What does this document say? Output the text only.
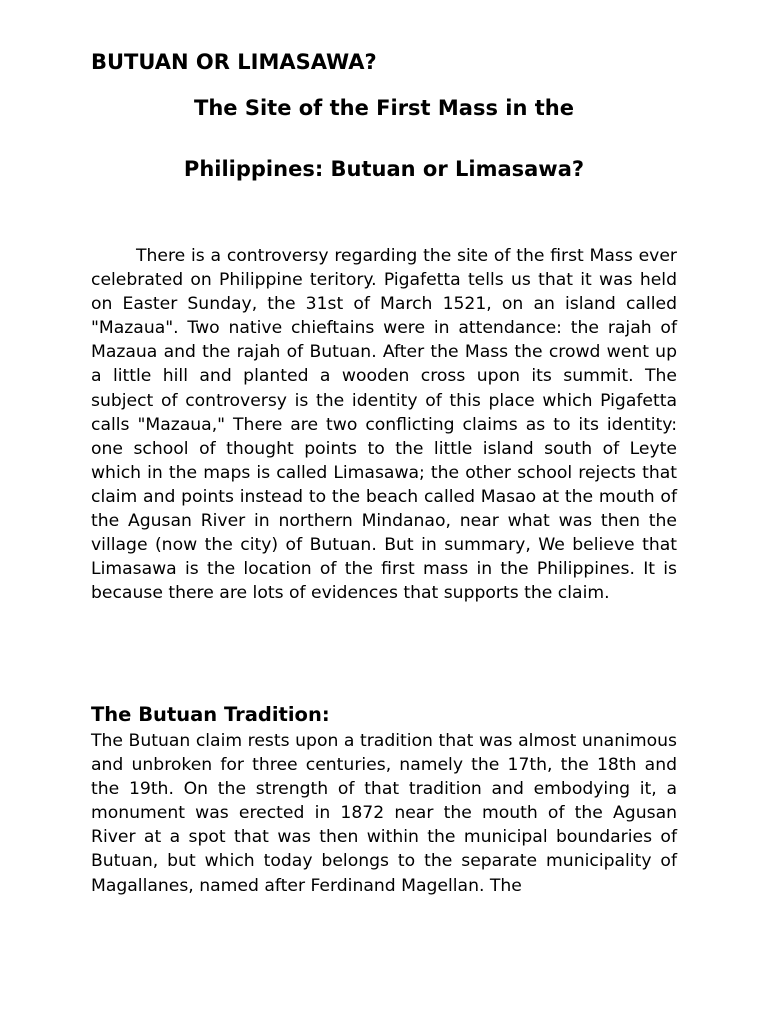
BUTUAN OR LIMASAWA?
The Site of the First Mass in the
Philippines: Butuan or Limasawa?

There is a controversy regarding the site of the first Mass ever celebrated on Philippine teritory. Pigafetta tells us that it was held on Easter Sunday, the 31st of March 1521, on an island called "Mazaua". Two native chieftains were in attendance: the rajah of Mazaua and the rajah of Butuan. After the Mass the crowd went up a little hill and planted a wooden cross upon its summit. The subject of controversy is the identity of this place which Pigafetta calls "Mazaua," There are two conflicting claims as to its identity: one school of thought points to the little island south of Leyte which in the maps is called Limasawa; the other school rejects that claim and points instead to the beach called Masao at the mouth of the Agusan River in northern Mindanao, near what was then the village (now the city) of Butuan. But in summary, We believe that Limasawa is the location of the first mass in the Philippines. It is because there are lots of evidences that supports the claim.

The Butuan Tradition:

The Butuan claim rests upon a tradition that was almost unanimous and unbroken for three centuries, namely the 17th, the 18th and the 19th. On the strength of that tradition and embodying it, a monument was erected in 1872 near the mouth of the Agusan River at a spot that was then within the municipal boundaries of Butuan, but which today belongs to the separate municipality of Magallanes, named after Ferdinand Magellan. The
